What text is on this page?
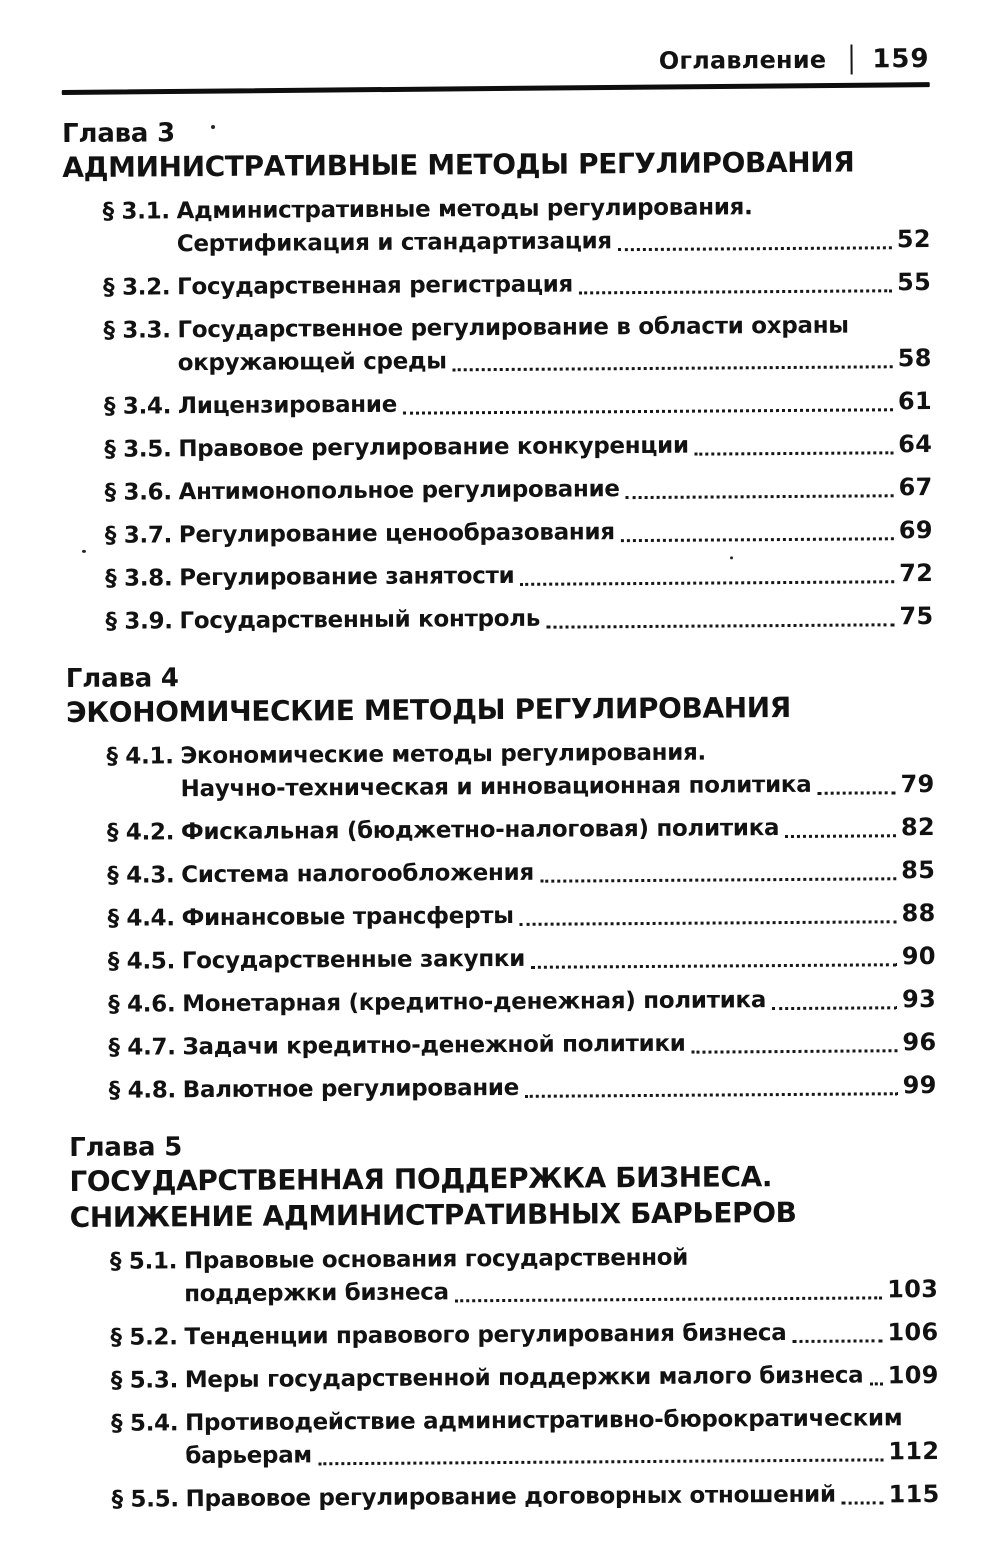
Оглавление 159
Глава 3
АДМИНИСТРАТИВНЫЕ МЕТОДЫ РЕГУЛИРОВАНИЯ
§ 3.1. Административные методы регулирования.
Сертификация и стандартизация	52
§ 3.2. Государственная регистрация	55
§ 3.3. Государственное регулирование в области охраны
окружающей среды	58
§ 3.4. Лицензирование	61
§ 3.5. Правовое регулирование конкуренции	64
§ 3.6. Антимонопольное регулирование	67
§ 3.7. Регулирование ценообразования	69
§ 3.8. Регулирование занятости	72
§ 3.9. Государственный контроль	75
Глава 4
ЭКОНОМИЧЕСКИЕ МЕТОДЫ РЕГУЛИРОВАНИЯ
§ 4.1. Экономические методы регулирования.
Научно-техническая и инновационная политика	79
§ 4.2. Фискальная (бюджетно-налоговая) политика	82
§ 4.3. Система налогообложения	85
§ 4.4. Финансовые трансферты	88
§ 4.5. Государственные закупки	90
§ 4.6. Монетарная (кредитно-денежная) политика	93
§ 4.7. Задачи кредитно-денежной политики	96
§ 4.8. Валютное регулирование	99
Глава 5
ГОСУДАРСТВЕННАЯ ПОДДЕРЖКА БИЗНЕСА.
СНИЖЕНИЕ АДМИНИСТРАТИВНЫХ БАРЬЕРОВ
§ 5.1. Правовые основания государственной
поддержки бизнеса	103
§ 5.2. Тенденции правового регулирования бизнеса	106
§ 5.3. Меры государственной поддержки малого бизнеса 109
§ 5.4. Противодействие административно-бюрократическим
барьерам	112
§ 5.5. Правовое регулирование договорных отношений 115
